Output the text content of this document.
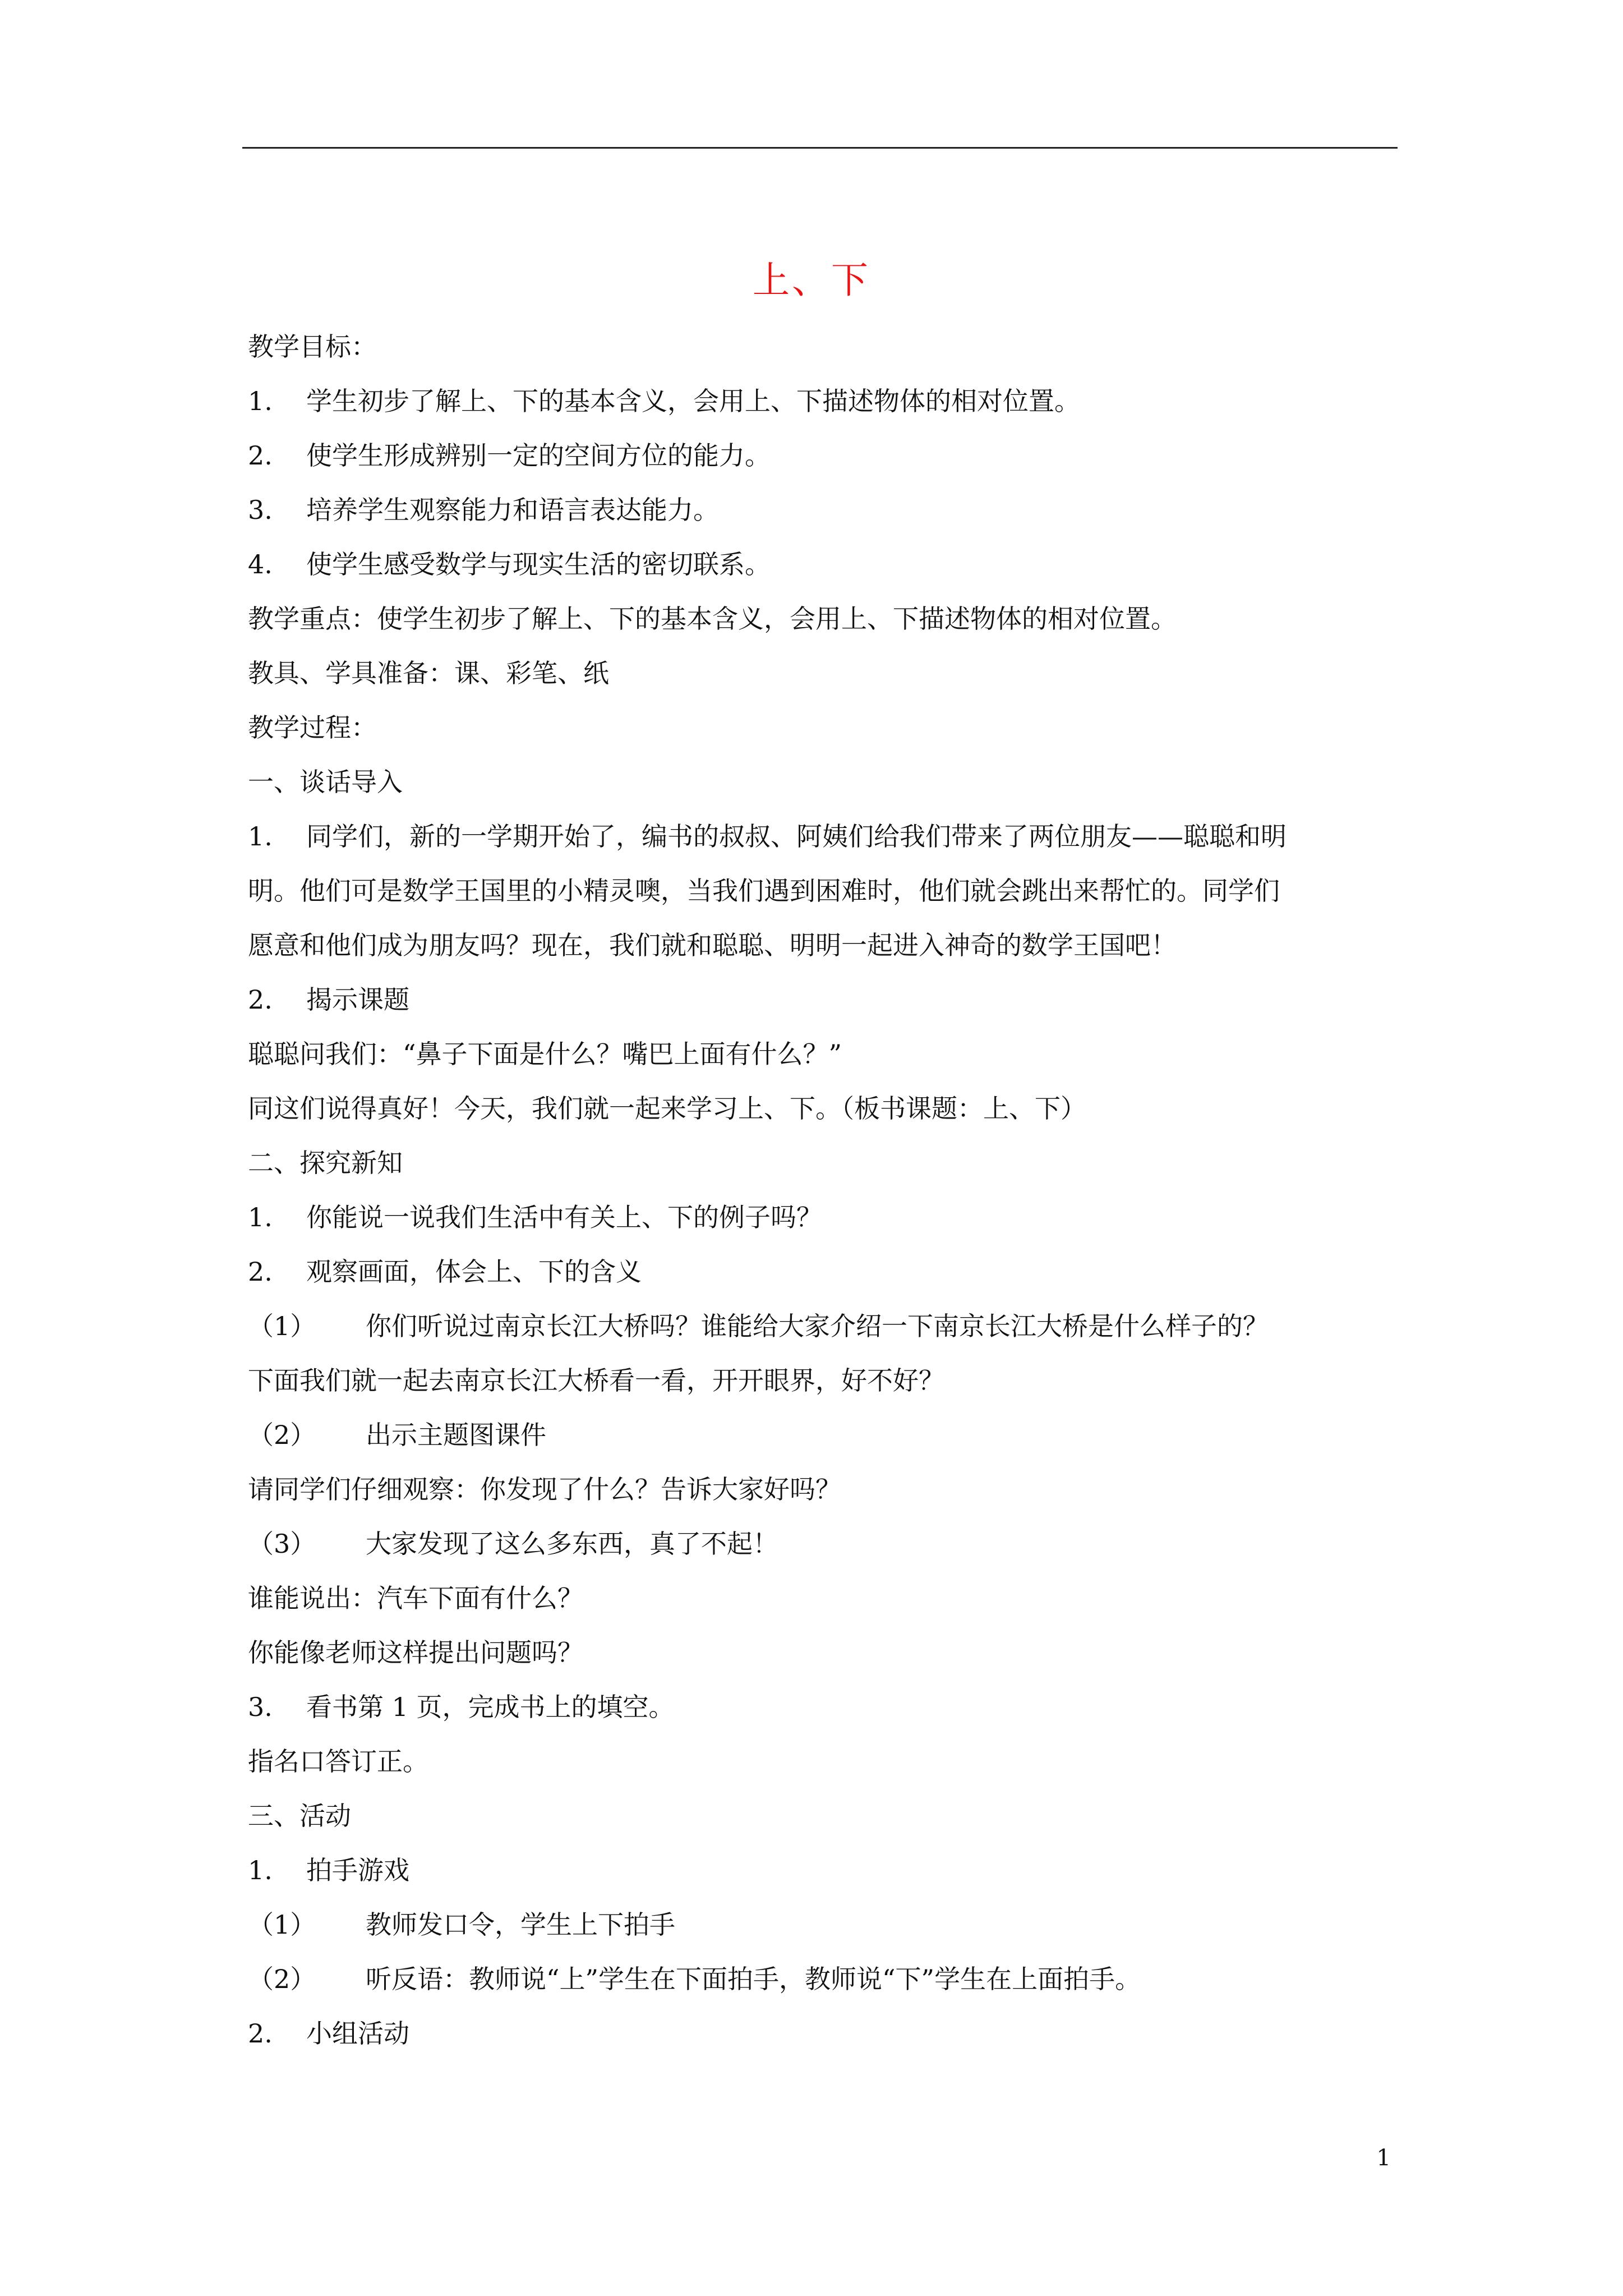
上、下
教学目标：
1. 学生初步了解上、下的基本含义，会用上、下描述物体的相对位置。
2. 使学生形成辨别一定的空间方位的能力。
3. 培养学生观察能力和语言表达能力。
4. 使学生感受数学与现实生活的密切联系。
教学重点：使学生初步了解上、下的基本含义，会用上、下描述物体的相对位置。
教具、学具准备：课、彩笔、纸
教学过程：
一、谈话导入
1. 同学们，新的一学期开始了，编书的叔叔、阿姨们给我们带来了两位朋友——聪聪和明
明。他们可是数学王国里的小精灵噢，当我们遇到困难时，他们就会跳出来帮忙的。同学们
愿意和他们成为朋友吗？现在，我们就和聪聪、明明一起进入神奇的数学王国吧！
2. 揭示课题
聪聪问我们：“鼻子下面是什么？嘴巴上面有什么？”
同这们说得真好！今天，我们就一起来学习上、下。（板书课题：上、下）
二、探究新知
1. 你能说一说我们生活中有关上、下的例子吗？
2. 观察画面，体会上、下的含义
（1） 你们听说过南京长江大桥吗？谁能给大家介绍一下南京长江大桥是什么样子的？
下面我们就一起去南京长江大桥看一看，开开眼界，好不好？
（2） 出示主题图课件
请同学们仔细观察：你发现了什么？告诉大家好吗？
（3） 大家发现了这么多东西，真了不起！
谁能说出：汽车下面有什么？
你能像老师这样提出问题吗？
3. 看书第 1 页，完成书上的填空。
指名口答订正。
三、活动
1. 拍手游戏
（1） 教师发口令，学生上下拍手
（2） 听反语：教师说“上”学生在下面拍手，教师说“下”学生在上面拍手。
2. 小组活动
1
